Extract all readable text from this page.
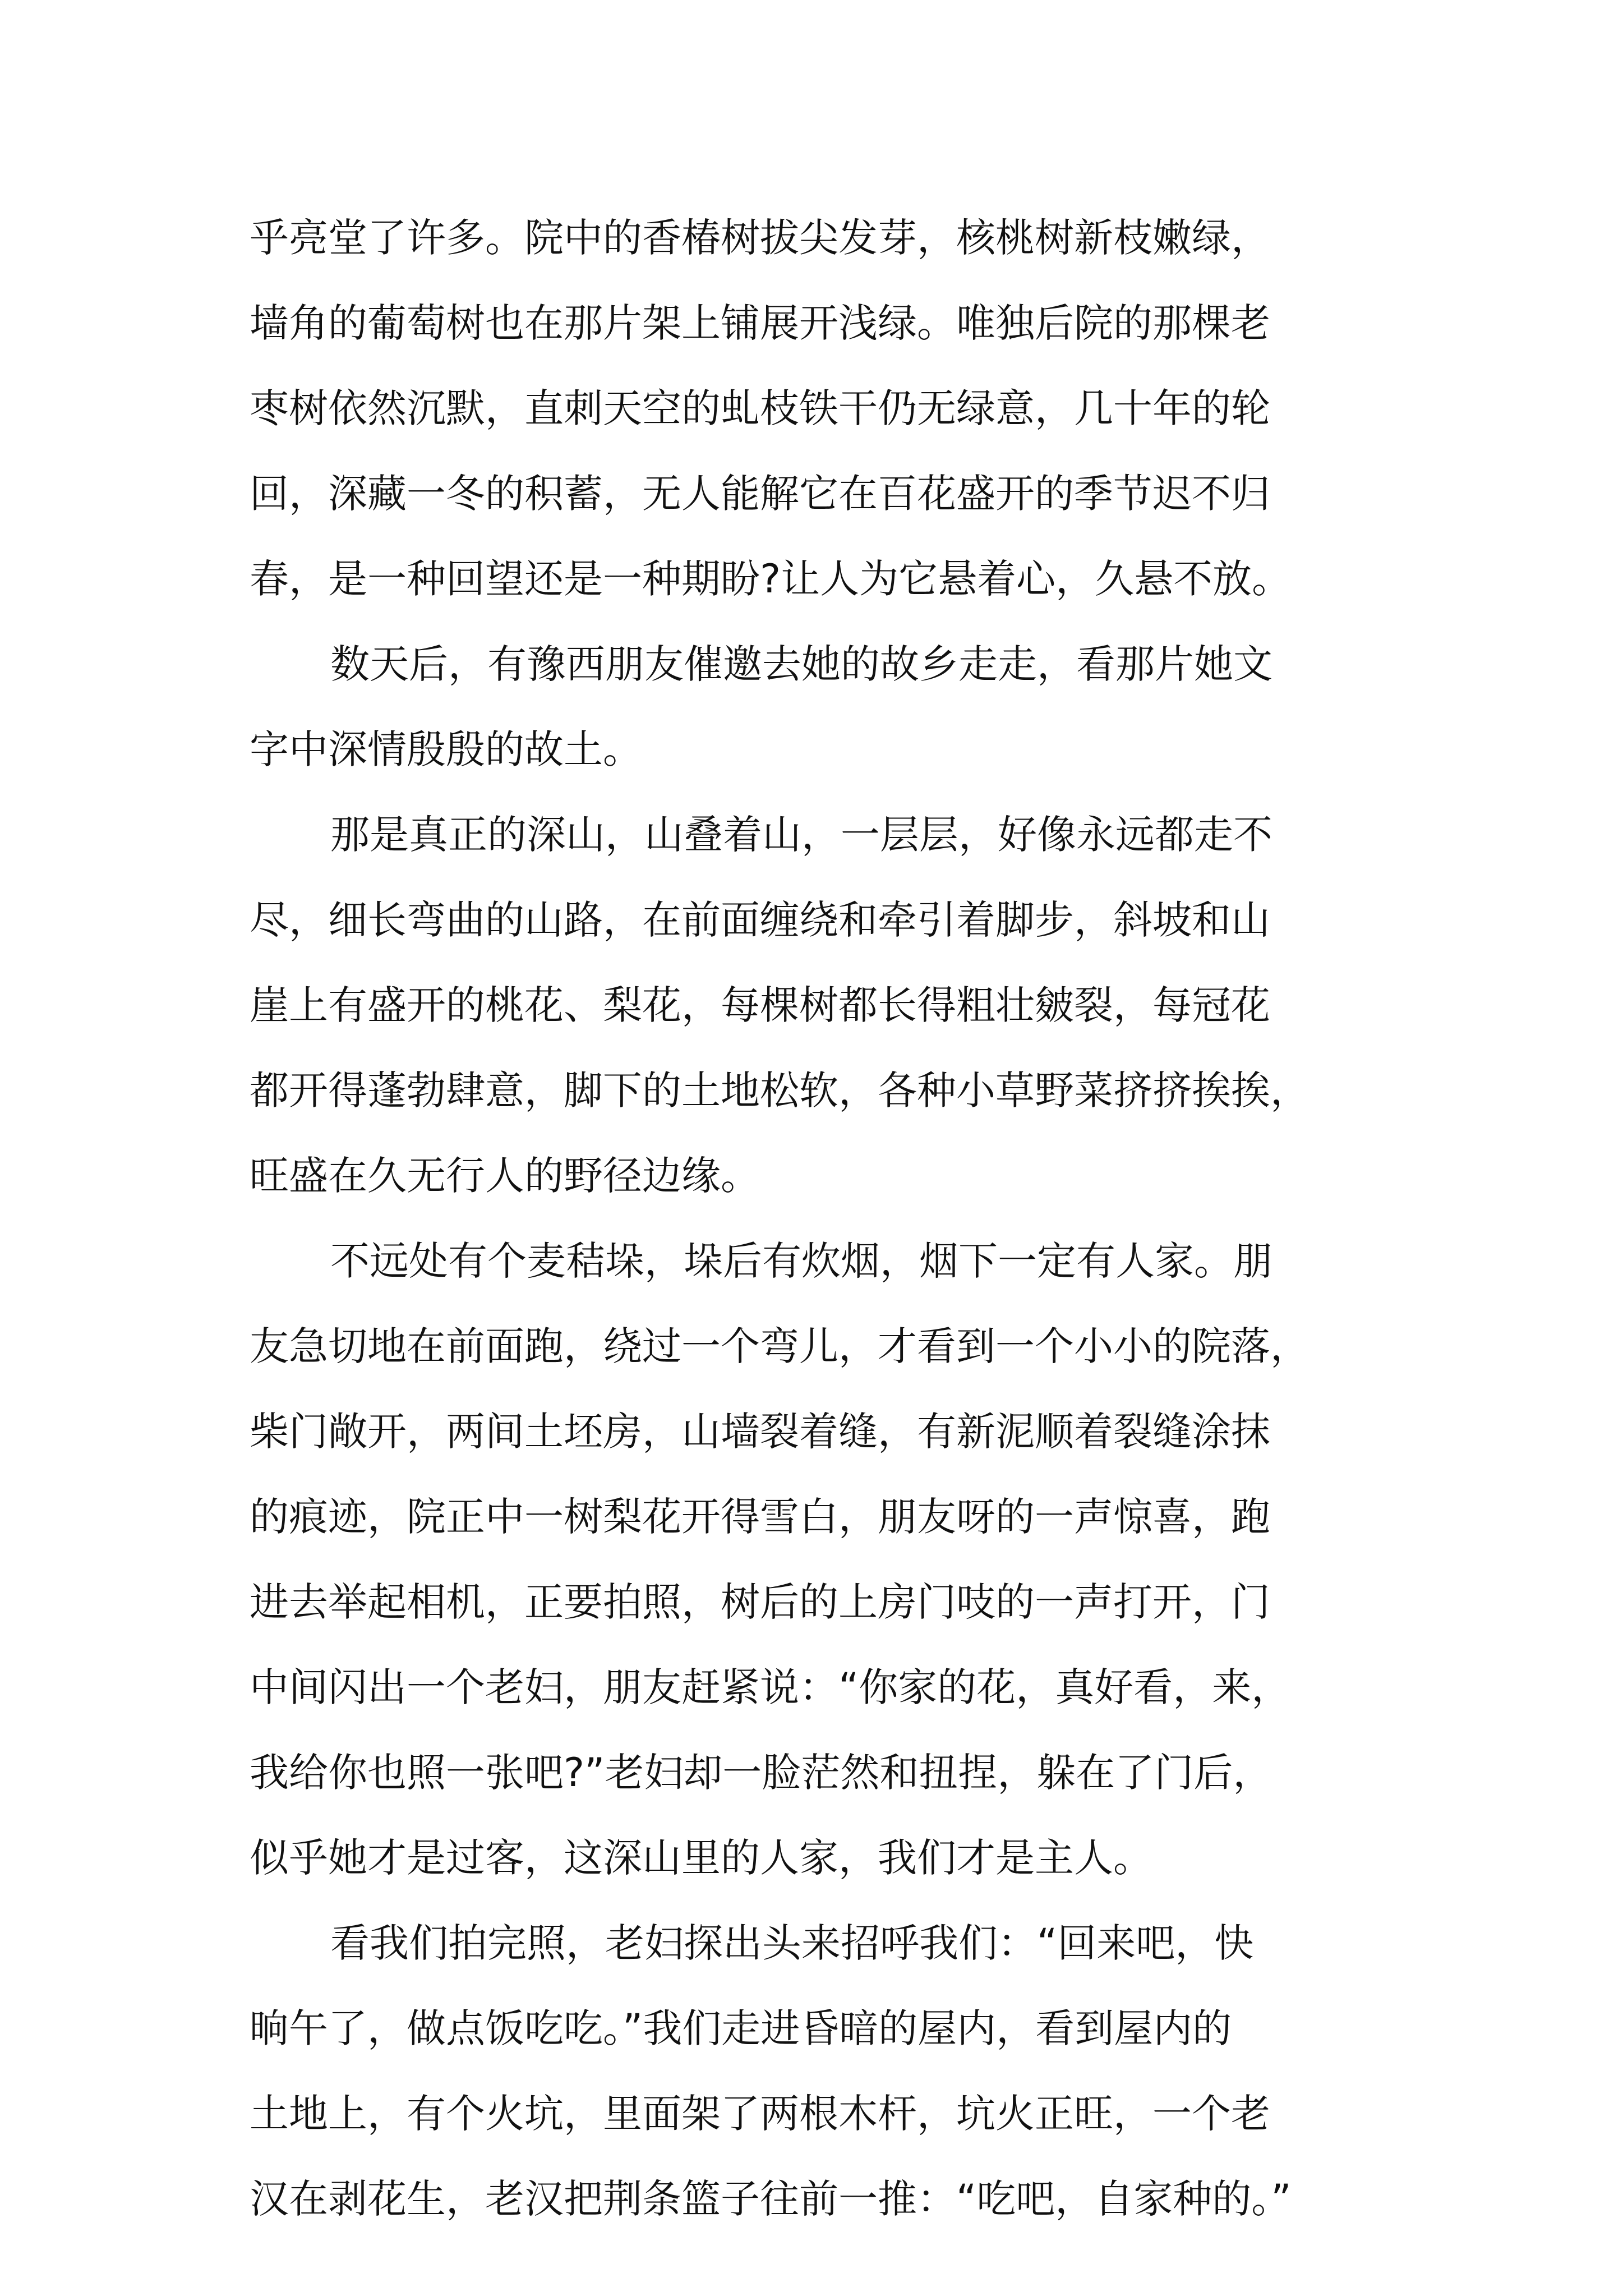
乎亮堂了许多。院中的香椿树拔尖发芽，核桃树新枝嫩绿，
墙角的葡萄树也在那片架上铺展开浅绿。唯独后院的那棵老
枣树依然沉默，直刺天空的虬枝铁干仍无绿意，几十年的轮
回，深藏一冬的积蓄，无人能解它在百花盛开的季节迟不归
春，是一种回望还是一种期盼?让人为它悬着心，久悬不放。
数天后，有豫西朋友催邀去她的故乡走走，看那片她文
字中深情殷殷的故土。
那是真正的深山，山叠着山，一层层，好像永远都走不
尽，细长弯曲的山路，在前面缠绕和牵引着脚步，斜坡和山
崖上有盛开的桃花、梨花，每棵树都长得粗壮皴裂，每冠花
都开得蓬勃肆意，脚下的土地松软，各种小草野菜挤挤挨挨，
旺盛在久无行人的野径边缘。
不远处有个麦秸垛，垛后有炊烟，烟下一定有人家。朋
友急切地在前面跑，绕过一个弯儿，才看到一个小小的院落，
柴门敞开，两间土坯房，山墙裂着缝，有新泥顺着裂缝涂抹
的痕迹，院正中一树梨花开得雪白，朋友呀的一声惊喜，跑
进去举起相机，正要拍照，树后的上房门吱的一声打开，门
中间闪出一个老妇，朋友赶紧说：“你家的花，真好看，来，
我给你也照一张吧?”老妇却一脸茫然和扭捏，躲在了门后，
似乎她才是过客，这深山里的人家，我们才是主人。
看我们拍完照，老妇探出头来招呼我们：“回来吧，快
晌午了，做点饭吃吃。”我们走进昏暗的屋内，看到屋内的
土地上，有个火坑，里面架了两根木杆，坑火正旺，一个老
汉在剥花生，老汉把荆条篮子往前一推：“吃吧，自家种的。”
